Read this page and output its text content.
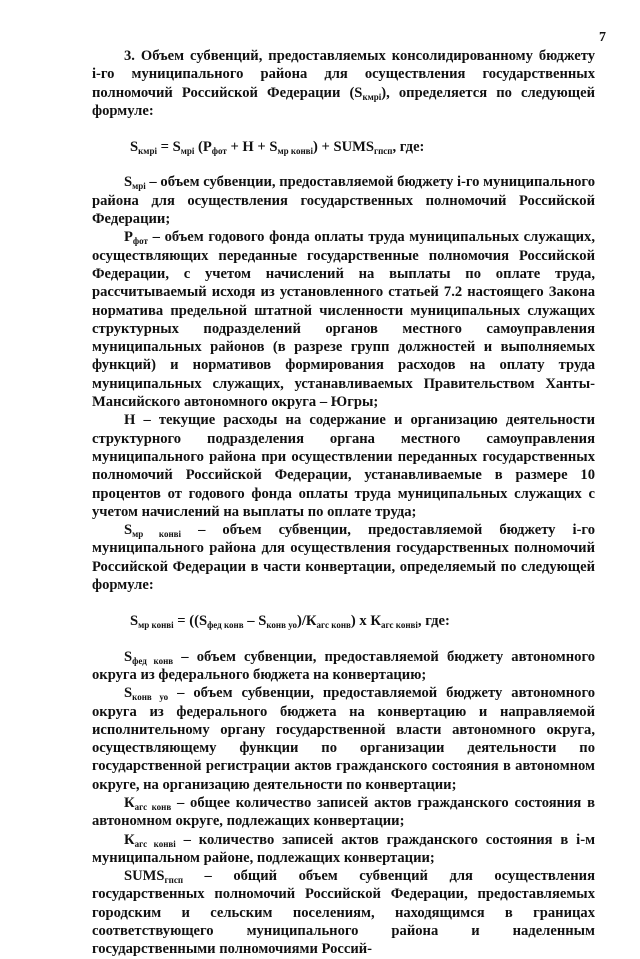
7

3. Объем субвенций, предоставляемых консолидированному бюджету i-го муниципального района для осуществления государственных полномочий Российской Федерации $(S_{кмрi})$, определяется по следующей формуле:

$S_{кмрi} = S_{мрi}$ $(Р_{фот} + Н + S_{мр конвi})$ + $SUMS_{гпсп}$, где:

$S_{мрi}$ – объем субвенции, предоставляемой бюджету i-го муниципального района для осуществления государственных полномочий Российской Федерации;

$Р_{фот}$ – объем годового фонда оплаты труда муниципальных служащих, осуществляющих переданные государственные полномочия Российской Федерации, с учетом начислений на выплаты по оплате труда, рассчитываемый исходя из установленного статьей 7.2 настоящего Закона норматива предельной штатной численности муниципальных служащих структурных подразделений органов местного самоуправления муниципальных районов (в разрезе групп должностей и выполняемых функций) и нормативов формирования расходов на оплату труда муниципальных служащих, устанавливаемых Правительством Ханты-Мансийского автономного округа – Югры;

Н – текущие расходы на содержание и организацию деятельности структурного подразделения органа местного самоуправления муниципального района при осуществлении переданных государственных полномочий Российской Федерации, устанавливаемые в размере 10 процентов от годового фонда оплаты труда муниципальных служащих с учетом начислений на выплаты по оплате труда;

$S_{мр конвi}$ – объем субвенции, предоставляемой бюджету i-го муниципального района для осуществления государственных полномочий Российской Федерации в части конвертации, определяемый по следующей формуле:

$S_{мр конвi} = ((S_{фед конв} - S_{конв уо})/К_{агс конв})$ х $К_{агс конвi}$, где:

$S_{фед конв}$ – объем субвенции, предоставляемой бюджету автономного округа из федерального бюджета на конвертацию;

$S_{конв уо}$ – объем субвенции, предоставляемой бюджету автономного округа из федерального бюджета на конвертацию и направляемой исполнительному органу государственной власти автономного округа, осуществляющему функции по организации деятельности по государственной регистрации актов гражданского состояния в автономном округе, на организацию деятельности по конвертации;

$К_{агс конв}$ – общее количество записей актов гражданского состояния в автономном округе, подлежащих конвертации;

$К_{агс конвi}$ – количество записей актов гражданского состояния в i-м муниципальном районе, подлежащих конвертации;

$SUMS_{гпсп}$ – общий объем субвенций для осуществления государственных полномочий Российской Федерации, предоставляемых городским и сельским поселениям, находящимся в границах соответствующего муниципального района и наделенным государственными полномочиями Россий-
